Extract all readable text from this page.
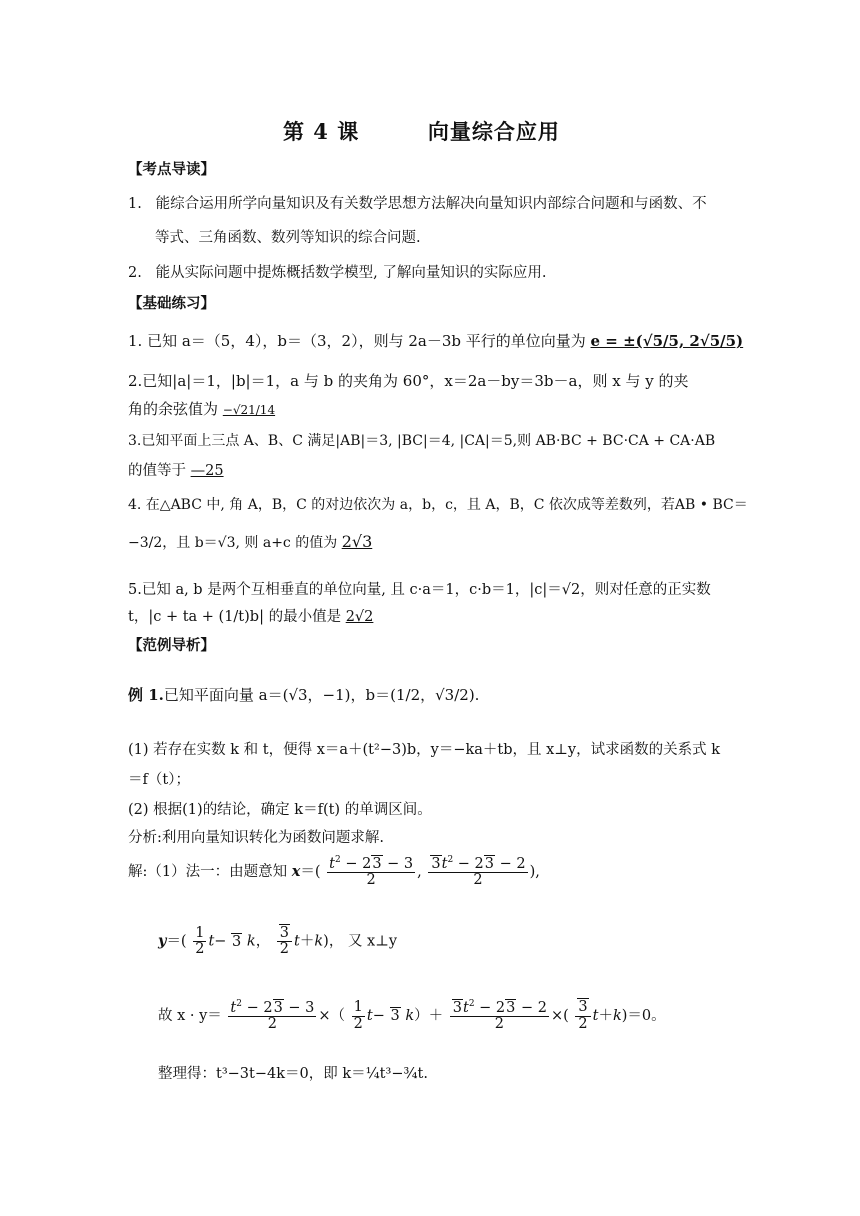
第 4 课	向量综合应用
【考点导读】
1. 能综合运用所学向量知识及有关数学思想方法解决向量知识内部综合问题和与函数、不
等式、三角函数、数列等知识的综合问题.
2. 能从实际问题中提炼概括数学模型, 了解向量知识的实际应用.
【基础练习】
1. 已知 a＝（5，4），b＝（3，2），则与 2a－3b 平行的单位向量为 e = ±(√5/5, 2√5/5)
2.已知|a|＝1，|b|＝1，a 与 b 的夹角为 60°，x＝2a－by＝3b－a，则 x 与 y 的夹
角的余弦值为 −√21/14
3.已知平面上三点 A、B、C 满足|AB|＝3, |BC|＝4, |CA|＝5,则 AB·BC + BC·CA + CA·AB
的值等于 —25
4. 在△ABC 中, 角 A，B，C 的对边依次为 a，b，c，且 A，B，C 依次成等差数列，若AB • BC＝
−3/2，且 b＝√3, 则 a+c 的值为 2√3
5.已知 a, b 是两个互相垂直的单位向量, 且 c·a＝1，c·b＝1，|c|＝√2，则对任意的正实数
t，|c + ta + (1/t)b| 的最小值是 2√2
【范例导析】
例 1.已知平面向量 a＝(√3，−1)，b＝(1/2，√3/2).
(1) 若存在实数 k 和 t，便得 x＝a＋(t²−3)b，y＝−ka＋tb，且 x⊥y，试求函数的关系式 k
＝f（t）；
(2) 根据(1)的结论，确定 k＝f(t) 的单调区间。
分析:利用向量知识转化为函数问题求解.
解:（1）法一：由题意知 $x=( \frac{t^2 - 23 - 3}{2}$ , $\frac{3t^2 - 23 - 2}{2}$ ),
$y=( \frac{1}{2} t- 3$ k， $\frac{3}{2} t+k$)， 又 x⊥y
故 $x \cdot y= \frac{t^2 - 23 - 3}{2}$ ×（ $\frac{1}{2} t- 3$ $k)+ \frac{3t^2 - 23 - 2}{2}$ ×( $\frac{3}{2} t+k)=0$。
整理得：t³−3t−4k＝0，即 k＝¼t³−¾t.
